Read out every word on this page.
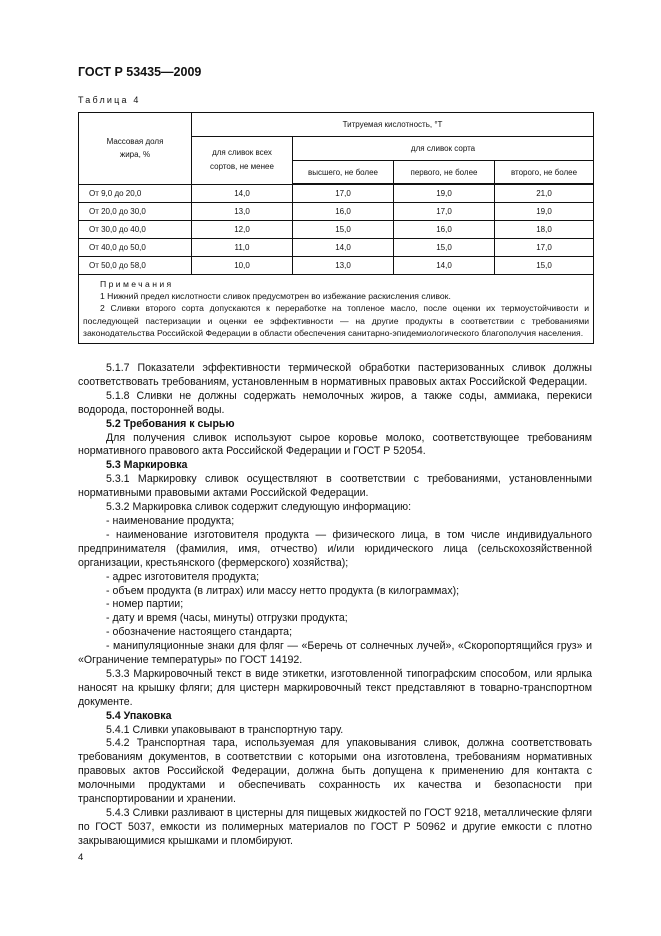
ГОСТ Р 53435—2009
Таблица 4
Массовая доля жира, %	Титруемая кислотность, °T			
	для сливок всех сортов, не менее	для сливок сорта		
		высшего, не более	первого, не более	второго, не более
От 9,0 до 20,0	14,0	17,0	19,0	21,0
От 20,0 до 30,0	13,0	16,0	17,0	19,0
От 30,0 до 40,0	12,0	15,0	16,0	18,0
От 40,0 до 50,0	11,0	14,0	15,0	17,0
От 50,0 до 58,0	10,0	13,0	14,0	15,0

Примечания
1 Нижний предел кислотности сливок предусмотрен во избежание раскисления сливок.
2 Сливки второго сорта допускаются к переработке на топленое масло, после оценки их термоустойчивости и последующей пастеризации и оценки ее эффективности — на другие продукты в соответствии с требованиями законодательства Российской Федерации в области обеспечения санитарно-эпидемиологического благополучия населения.				

5.1.7 Показатели эффективности термической обработки пастеризованных сливок должны соответствовать требованиям, установленным в нормативных правовых актах Российской Федерации.

5.1.8 Сливки не должны содержать немолочных жиров, а также соды, аммиака, перекиси водорода, посторонней воды.

5.2 Требования к сырью

Для получения сливок используют сырое коровье молоко, соответствующее требованиям нормативного правового акта Российской Федерации и ГОСТ Р 52054.

5.3 Маркировка

5.3.1 Маркировку сливок осуществляют в соответствии с требованиями, установленными нормативными правовыми актами Российской Федерации.

5.3.2 Маркировка сливок содержит следующую информацию:

- наименование продукта;

- наименование изготовителя продукта — физического лица, в том числе индивидуального предпринимателя (фамилия, имя, отчество) и/или юридического лица (сельскохозяйственной организации, крестьянского (фермерского) хозяйства);

- адрес изготовителя продукта;

- объем продукта (в литрах) или массу нетто продукта (в килограммах);

- номер партии;

- дату и время (часы, минуты) отгрузки продукта;

- обозначение настоящего стандарта;

- манипуляционные знаки для фляг — «Беречь от солнечных лучей», «Скоропортящийся груз» и «Ограничение температуры» по ГОСТ 14192.

5.3.3 Маркировочный текст в виде этикетки, изготовленной типографским способом, или ярлыка наносят на крышку фляги; для цистерн маркировочный текст представляют в товарно-транспортном документе.

5.4 Упаковка

5.4.1 Сливки упаковывают в транспортную тару.

5.4.2 Транспортная тара, используемая для упаковывания сливок, должна соответствовать требованиям документов, в соответствии с которыми она изготовлена, требованиям нормативных правовых актов Российской Федерации, должна быть допущена к применению для контакта с молочными продуктами и обеспечивать сохранность их качества и безопасности при транспортировании и хранении.

5.4.3 Сливки разливают в цистерны для пищевых жидкостей по ГОСТ 9218, металлические фляги по ГОСТ 5037, емкости из полимерных материалов по ГОСТ Р 50962 и другие емкости с плотно закрывающимися крышками и пломбируют.

4
